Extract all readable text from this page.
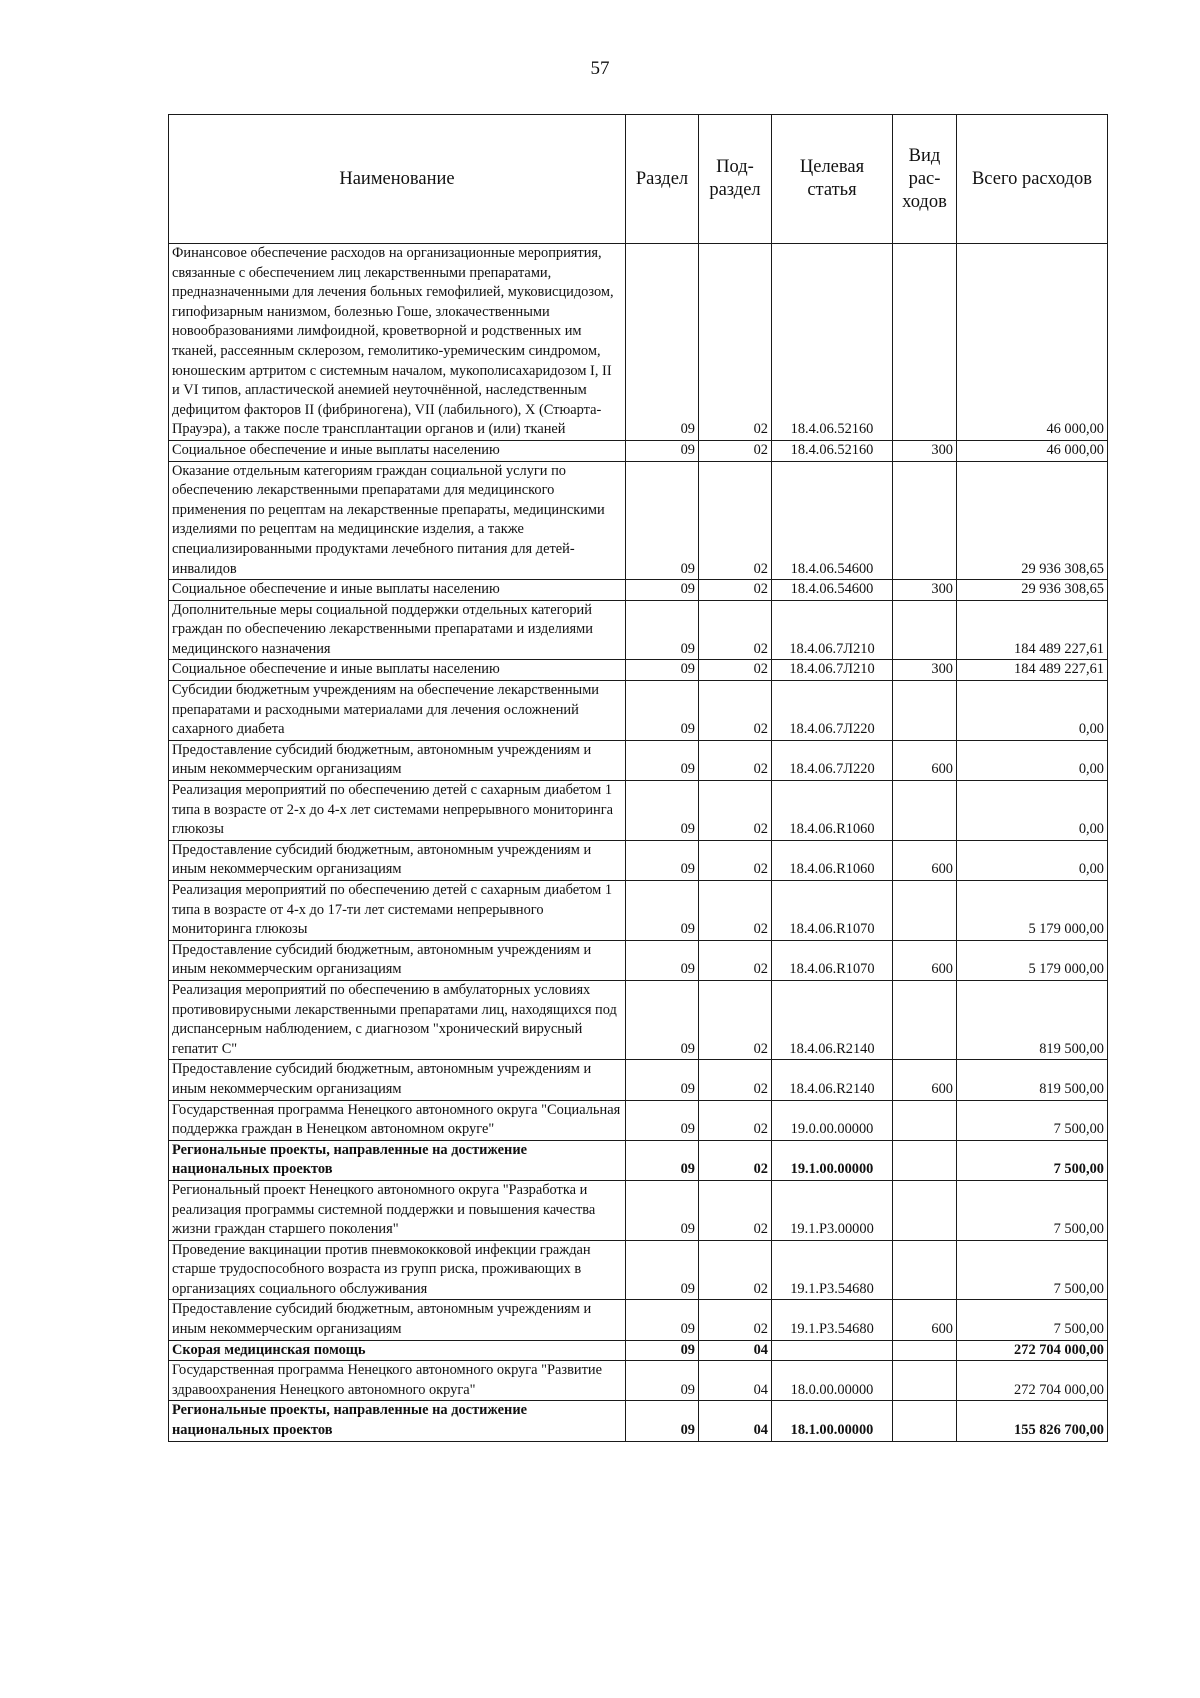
57
Наименование	Раздел	Под-раздел	Целевая статья	Вид рас-ходов	Всего расходов
Финансовое обеспечение расходов на организационные мероприятия, связанные с обеспечением лиц лекарственными препаратами, предназначенными для лечения больных гемофилией, муковисцидозом, гипофизарным нанизмом, болезнью Гоше, злокачественными новообразованиями лимфоидной, кроветворной и родственных им тканей, рассеянным склерозом, гемолитико-уремическим синдромом, юношеским артритом с системным началом, мукополисахаридозом I, II и VI типов, апластической анемией неуточнённой, наследственным дефицитом факторов II (фибриногена), VII (лабильного), X (Стюарта-Прауэра), а также после трансплантации органов и (или) тканей	09	02	18.4.06.52160		46 000,00
Социальное обеспечение и иные выплаты населению	09	02	18.4.06.52160	300	46 000,00
Оказание отдельным категориям граждан социальной услуги по обеспечению лекарственными препаратами для медицинского применения по рецептам на лекарственные препараты, медицинскими изделиями по рецептам на медицинские изделия, а также специализированными продуктами лечебного питания для детей-инвалидов	09	02	18.4.06.54600		29 936 308,65
Социальное обеспечение и иные выплаты населению	09	02	18.4.06.54600	300	29 936 308,65
Дополнительные меры социальной поддержки отдельных категорий граждан по обеспечению лекарственными препаратами и изделиями медицинского назначения	09	02	18.4.06.7Л210		184 489 227,61
Социальное обеспечение и иные выплаты населению	09	02	18.4.06.7Л210	300	184 489 227,61
Субсидии бюджетным учреждениям на обеспечение лекарственными препаратами и расходными материалами для лечения осложнений сахарного диабета	09	02	18.4.06.7Л220		0,00
Предоставление субсидий бюджетным, автономным учреждениям и иным некоммерческим организациям	09	02	18.4.06.7Л220	600	0,00
Реализация мероприятий по обеспечению детей с сахарным диабетом 1 типа в возрасте от 2-х до 4-х лет системами непрерывного мониторинга глюкозы	09	02	18.4.06.R1060		0,00
Предоставление субсидий бюджетным, автономным учреждениям и иным некоммерческим организациям	09	02	18.4.06.R1060	600	0,00
Реализация мероприятий по обеспечению детей с сахарным диабетом 1 типа в возрасте от 4-х до 17-ти лет системами непрерывного мониторинга глюкозы	09	02	18.4.06.R1070		5 179 000,00
Предоставление субсидий бюджетным, автономным учреждениям и иным некоммерческим организациям	09	02	18.4.06.R1070	600	5 179 000,00
Реализация мероприятий по обеспечению в амбулаторных условиях противовирусными лекарственными препаратами лиц, находящихся под диспансерным наблюдением, с диагнозом "хронический вирусный гепатит С"	09	02	18.4.06.R2140		819 500,00
Предоставление субсидий бюджетным, автономным учреждениям и иным некоммерческим организациям	09	02	18.4.06.R2140	600	819 500,00
Государственная программа Ненецкого автономного округа "Социальная поддержка граждан в Ненецком автономном округе"	09	02	19.0.00.00000		7 500,00
Региональные проекты, направленные на достижение национальных проектов	09	02	19.1.00.00000		7 500,00
Региональный проект Ненецкого автономного округа "Разработка и реализация программы системной поддержки и повышения качества жизни граждан старшего поколения"	09	02	19.1.P3.00000		7 500,00
Проведение вакцинации против пневмококковой инфекции граждан старше трудоспособного возраста из групп риска, проживающих в организациях социального обслуживания	09	02	19.1.P3.54680		7 500,00
Предоставление субсидий бюджетным, автономным учреждениям и иным некоммерческим организациям	09	02	19.1.P3.54680	600	7 500,00
Скорая медицинская помощь	09	04			272 704 000,00
Государственная программа Ненецкого автономного округа "Развитие здравоохранения Ненецкого автономного округа"	09	04	18.0.00.00000		272 704 000,00
Региональные проекты, направленные на достижение национальных проектов	09	04	18.1.00.00000		155 826 700,00
